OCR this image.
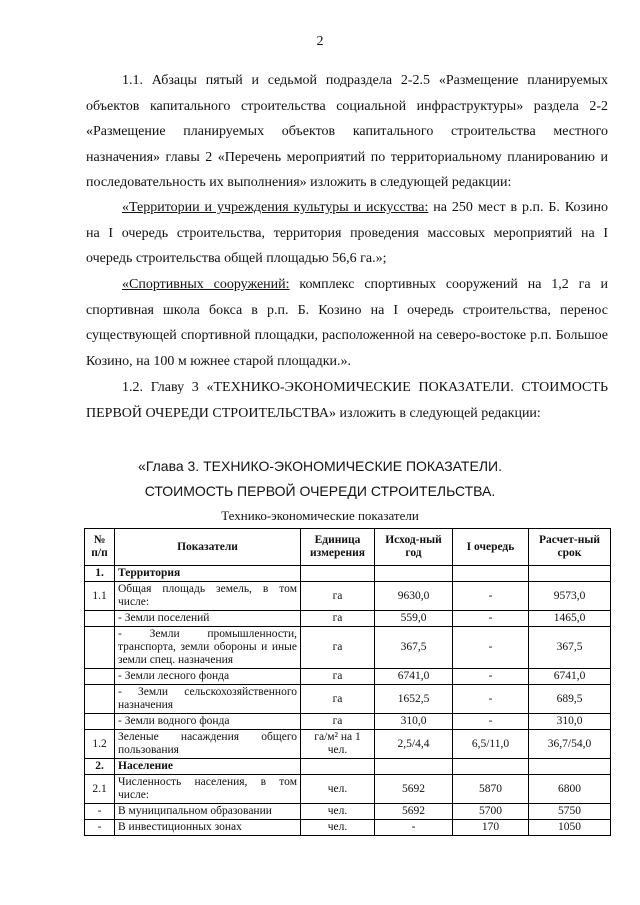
2
1.1. Абзацы пятый и седьмой подраздела 2-2.5 «Размещение планируемых объектов капитального строительства социальной инфраструктуры» раздела 2-2 «Размещение планируемых объектов капитального строительства местного назначения» главы 2 «Перечень мероприятий по территориальному планированию и последовательность их выполнения» изложить в следующей редакции:
«Территории и учреждения культуры и искусства: на 250 мест в р.п. Б. Козино на I очередь строительства, территория проведения массовых мероприятий на I очередь строительства общей площадью 56,6 га.»;
«Спортивных сооружений: комплекс спортивных сооружений на 1,2 га и спортивная школа бокса в р.п. Б. Козино на I очередь строительства, перенос существующей спортивной площадки, расположенной на северо-востоке р.п. Большое Козино, на 100 м южнее старой площадки.».
1.2. Главу 3 «ТЕХНИКО-ЭКОНОМИЧЕСКИЕ ПОКАЗАТЕЛИ. СТОИМОСТЬ ПЕРВОЙ ОЧЕРЕДИ СТРОИТЕЛЬСТВА» изложить в следующей редакции:
«Глава 3. ТЕХНИКО-ЭКОНОМИЧЕСКИЕ ПОКАЗАТЕЛИ.
СТОИМОСТЬ ПЕРВОЙ ОЧЕРЕДИ СТРОИТЕЛЬСТВА.
Технико-экономические показатели
№ п/п	Показатели	Единица измерения	Исход-ный год	I очередь	Расчет-ный срок
1.	Территория				
1.1	Общая площадь земель, в том числе:	га	9630,0	-	9573,0
	- Земли поселений	га	559,0	-	1465,0
	- Земли промышленности, транспорта, земли обороны и иные земли спец. назначения	га	367,5	-	367,5
	- Земли лесного фонда	га	6741,0	-	6741,0
	- Земли сельскохозяйственного назначения	га	1652,5	-	689,5
	- Земли водного фонда	га	310,0	-	310,0
1.2	Зеленые насаждения общего пользования	га/м² на 1 чел.	2,5/4,4	6,5/11,0	36,7/54,0
2.	Население				
2.1	Численность населения, в том числе:	чел.	5692	5870	6800
-	В муниципальном образовании	чел.	5692	5700	5750
-	В инвестиционных зонах	чел.	-	170	1050
